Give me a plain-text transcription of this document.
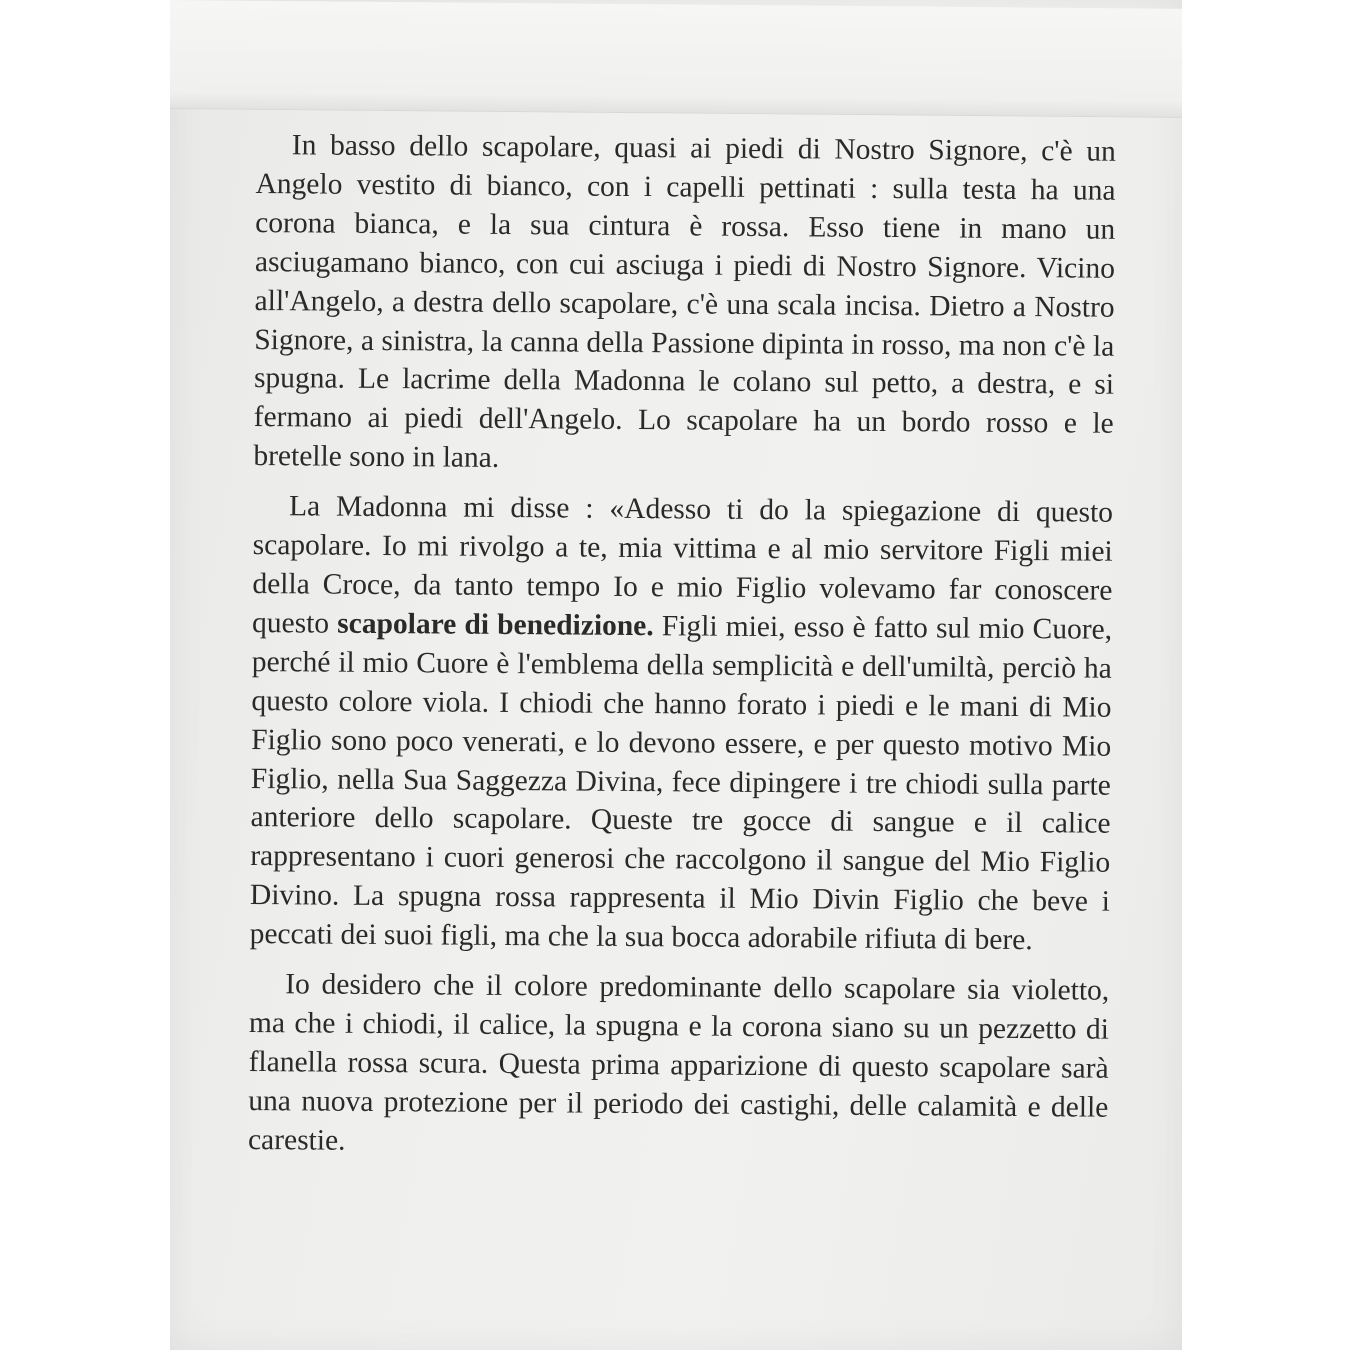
In basso dello scapolare, quasi ai piedi di Nostro Signore, c'è un Angelo vestito di bianco, con i capelli pettinati : sulla testa ha una corona bianca, e la sua cintura è rossa. Esso tiene in mano un asciugamano bianco, con cui asciuga i piedi di Nostro Signore. Vicino all'Angelo, a destra dello scapolare, c'è una scala incisa. Dietro a Nostro Signore, a sinistra, la canna della Passione dipinta in rosso, ma non c'è la spugna. Le lacrime della Madonna le colano sul petto, a destra, e si fermano ai piedi dell'Angelo. Lo scapolare ha un bordo rosso e le bretelle sono in lana.

La Madonna mi disse : «Adesso ti do la spiegazione di questo scapolare. Io mi rivolgo a te, mia vittima e al mio servitore Figli miei della Croce, da tanto tempo Io e mio Figlio volevamo far conoscere questo scapolare di benedizione. Figli miei, esso è fatto sul mio Cuore, perché il mio Cuore è l'emblema della semplicità e dell'umiltà, perciò ha questo colore viola. I chiodi che hanno forato i piedi e le mani di Mio Figlio sono poco venerati, e lo devono essere, e per questo motivo Mio Figlio, nella Sua Saggezza Divina, fece dipingere i tre chiodi sulla parte anteriore dello scapolare. Queste tre gocce di sangue e il calice rappresentano i cuori generosi che raccolgono il sangue del Mio Figlio Divino. La spugna rossa rappresenta il Mio Divin Figlio che beve i peccati dei suoi figli, ma che la sua bocca adorabile rifiuta di bere.

Io desidero che il colore predominante dello scapolare sia violetto, ma che i chiodi, il calice, la spugna e la corona siano su un pezzetto di flanella rossa scura. Questa prima apparizione di questo scapolare sarà una nuova protezione per il periodo dei castighi, delle calamità e delle carestie.
